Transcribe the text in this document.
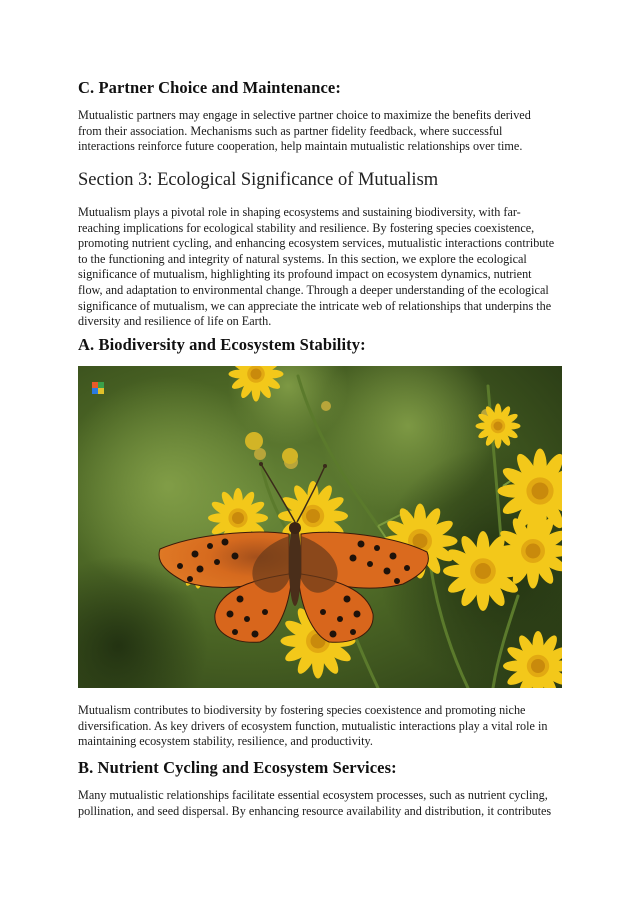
C. Partner Choice and Maintenance:

Mutualistic partners may engage in selective partner choice to maximize the benefits derived
from their association. Mechanisms such as partner fidelity feedback, where successful
interactions reinforce future cooperation, help maintain mutualistic relationships over time.

Section 3: Ecological Significance of Mutualism

Mutualism plays a pivotal role in shaping ecosystems and sustaining biodiversity, with far-
reaching implications for ecological stability and resilience. By fostering species coexistence,
promoting nutrient cycling, and enhancing ecosystem services, mutualistic interactions contribute
to the functioning and integrity of natural systems. In this section, we explore the ecological
significance of mutualism, highlighting its profound impact on ecosystem dynamics, nutrient
flow, and adaptation to environmental change. Through a deeper understanding of the ecological
significance of mutualism, we can appreciate the intricate web of relationships that underpins the
diversity and resilience of life on Earth.

A. Biodiversity and Ecosystem Stability:

Mutualism contributes to biodiversity by fostering species coexistence and promoting niche
diversification. As key drivers of ecosystem function, mutualistic interactions play a vital role in
maintaining ecosystem stability, resilience, and productivity.

B. Nutrient Cycling and Ecosystem Services:

Many mutualistic relationships facilitate essential ecosystem processes, such as nutrient cycling,
pollination, and seed dispersal. By enhancing resource availability and distribution, it contributes
